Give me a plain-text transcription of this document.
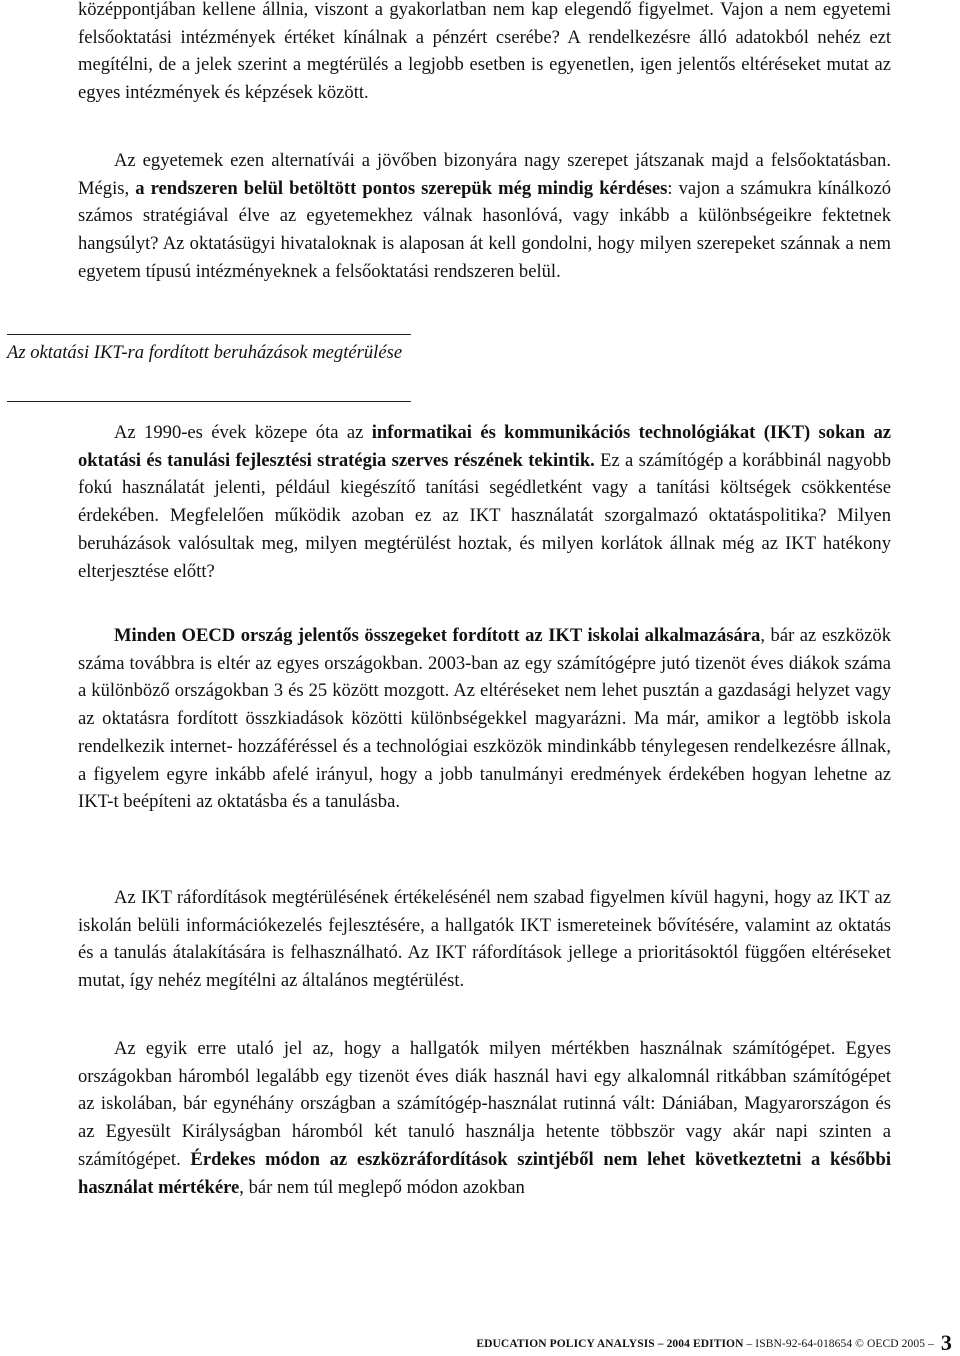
középpontjában kellene állnia, viszont a gyakorlatban nem kap elegendő figyelmet. Vajon a nem egyetemi felsőoktatási intézmények értéket kínálnak a pénzért cserébe? A rendelkezésre álló adatokból nehéz ezt megítélni, de a jelek szerint a megtérülés a legjobb esetben is egyenetlen, igen jelentős eltéréseket mutat az egyes intézmények és képzések között.

Az egyetemek ezen alternatívái a jövőben bizonyára nagy szerepet játszanak majd a felsőoktatásban. Mégis, a rendszeren belül betöltött pontos szerepük még mindig kérdéses: vajon a számukra kínálkozó számos stratégiával élve az egyetemekhez válnak hasonlóvá, vagy inkább a különbségeikre fektetnek hangsúlyt? Az oktatásügyi hivataloknak is alaposan át kell gondolni, hogy milyen szerepeket szánnak a nem egyetem típusú intézményeknek a felsőoktatási rendszeren belül.

Az oktatási IKT-ra fordított beruházások megtérülése

Az 1990-es évek közepe óta az informatikai és kommunikációs technológiákat (IKT) sokan az oktatási és tanulási fejlesztési stratégia szerves részének tekintik. Ez a számítógép a korábbinál nagyobb fokú használatát jelenti, például kiegészítő tanítási segédletként vagy a tanítási költségek csökkentése érdekében. Megfelelően működik azoban ez az IKT használatát szorgalmazó oktatáspolitika? Milyen beruházások valósultak meg, milyen megtérülést hoztak, és milyen korlátok állnak még az IKT hatékony elterjesztése előtt?

Minden OECD ország jelentős összegeket fordított az IKT iskolai alkalmazására, bár az eszközök száma továbbra is eltér az egyes országokban. 2003-ban az egy számítógépre jutó tizenöt éves diákok száma a különböző országokban 3 és 25 között mozgott. Az eltéréseket nem lehet pusztán a gazdasági helyzet vagy az oktatásra fordított összkiadások közötti különbségekkel magyarázni. Ma már, amikor a legtöbb iskola rendelkezik internet- hozzáféréssel és a technológiai eszközök mindinkább ténylegesen rendelkezésre állnak, a figyelem egyre inkább afelé irányul, hogy a jobb tanulmányi eredmények érdekében hogyan lehetne az IKT-t beépíteni az oktatásba és a tanulásba.

Az IKT ráfordítások megtérülésének értékelésénél nem szabad figyelmen kívül hagyni, hogy az IKT az iskolán belüli információkezelés fejlesztésére, a hallgatók IKT ismereteinek bővítésére, valamint az oktatás és a tanulás átalakítására is felhasználható. Az IKT ráfordítások jellege a prioritásoktól függően eltéréseket mutat, így nehéz megítélni az általános megtérülést.

Az egyik erre utaló jel az, hogy a hallgatók milyen mértékben használnak számítógépet. Egyes országokban háromból legalább egy tizenöt éves diák használ havi egy alkalomnál ritkábban számítógépet az iskolában, bár egynéhány országban a számítógép-használat rutinná vált: Dániában, Magyarországon és az Egyesült Királyságban háromból két tanuló használja hetente többször vagy akár napi szinten a számítógépet. Érdekes módon az eszközráfordítások szintjéből nem lehet következtetni a későbbi használat mértékére, bár nem túl meglepő módon azokban

EDUCATION POLICY ANALYSIS – 2004 EDITION – ISBN-92-64-018654 © OECD 2005 – 3
